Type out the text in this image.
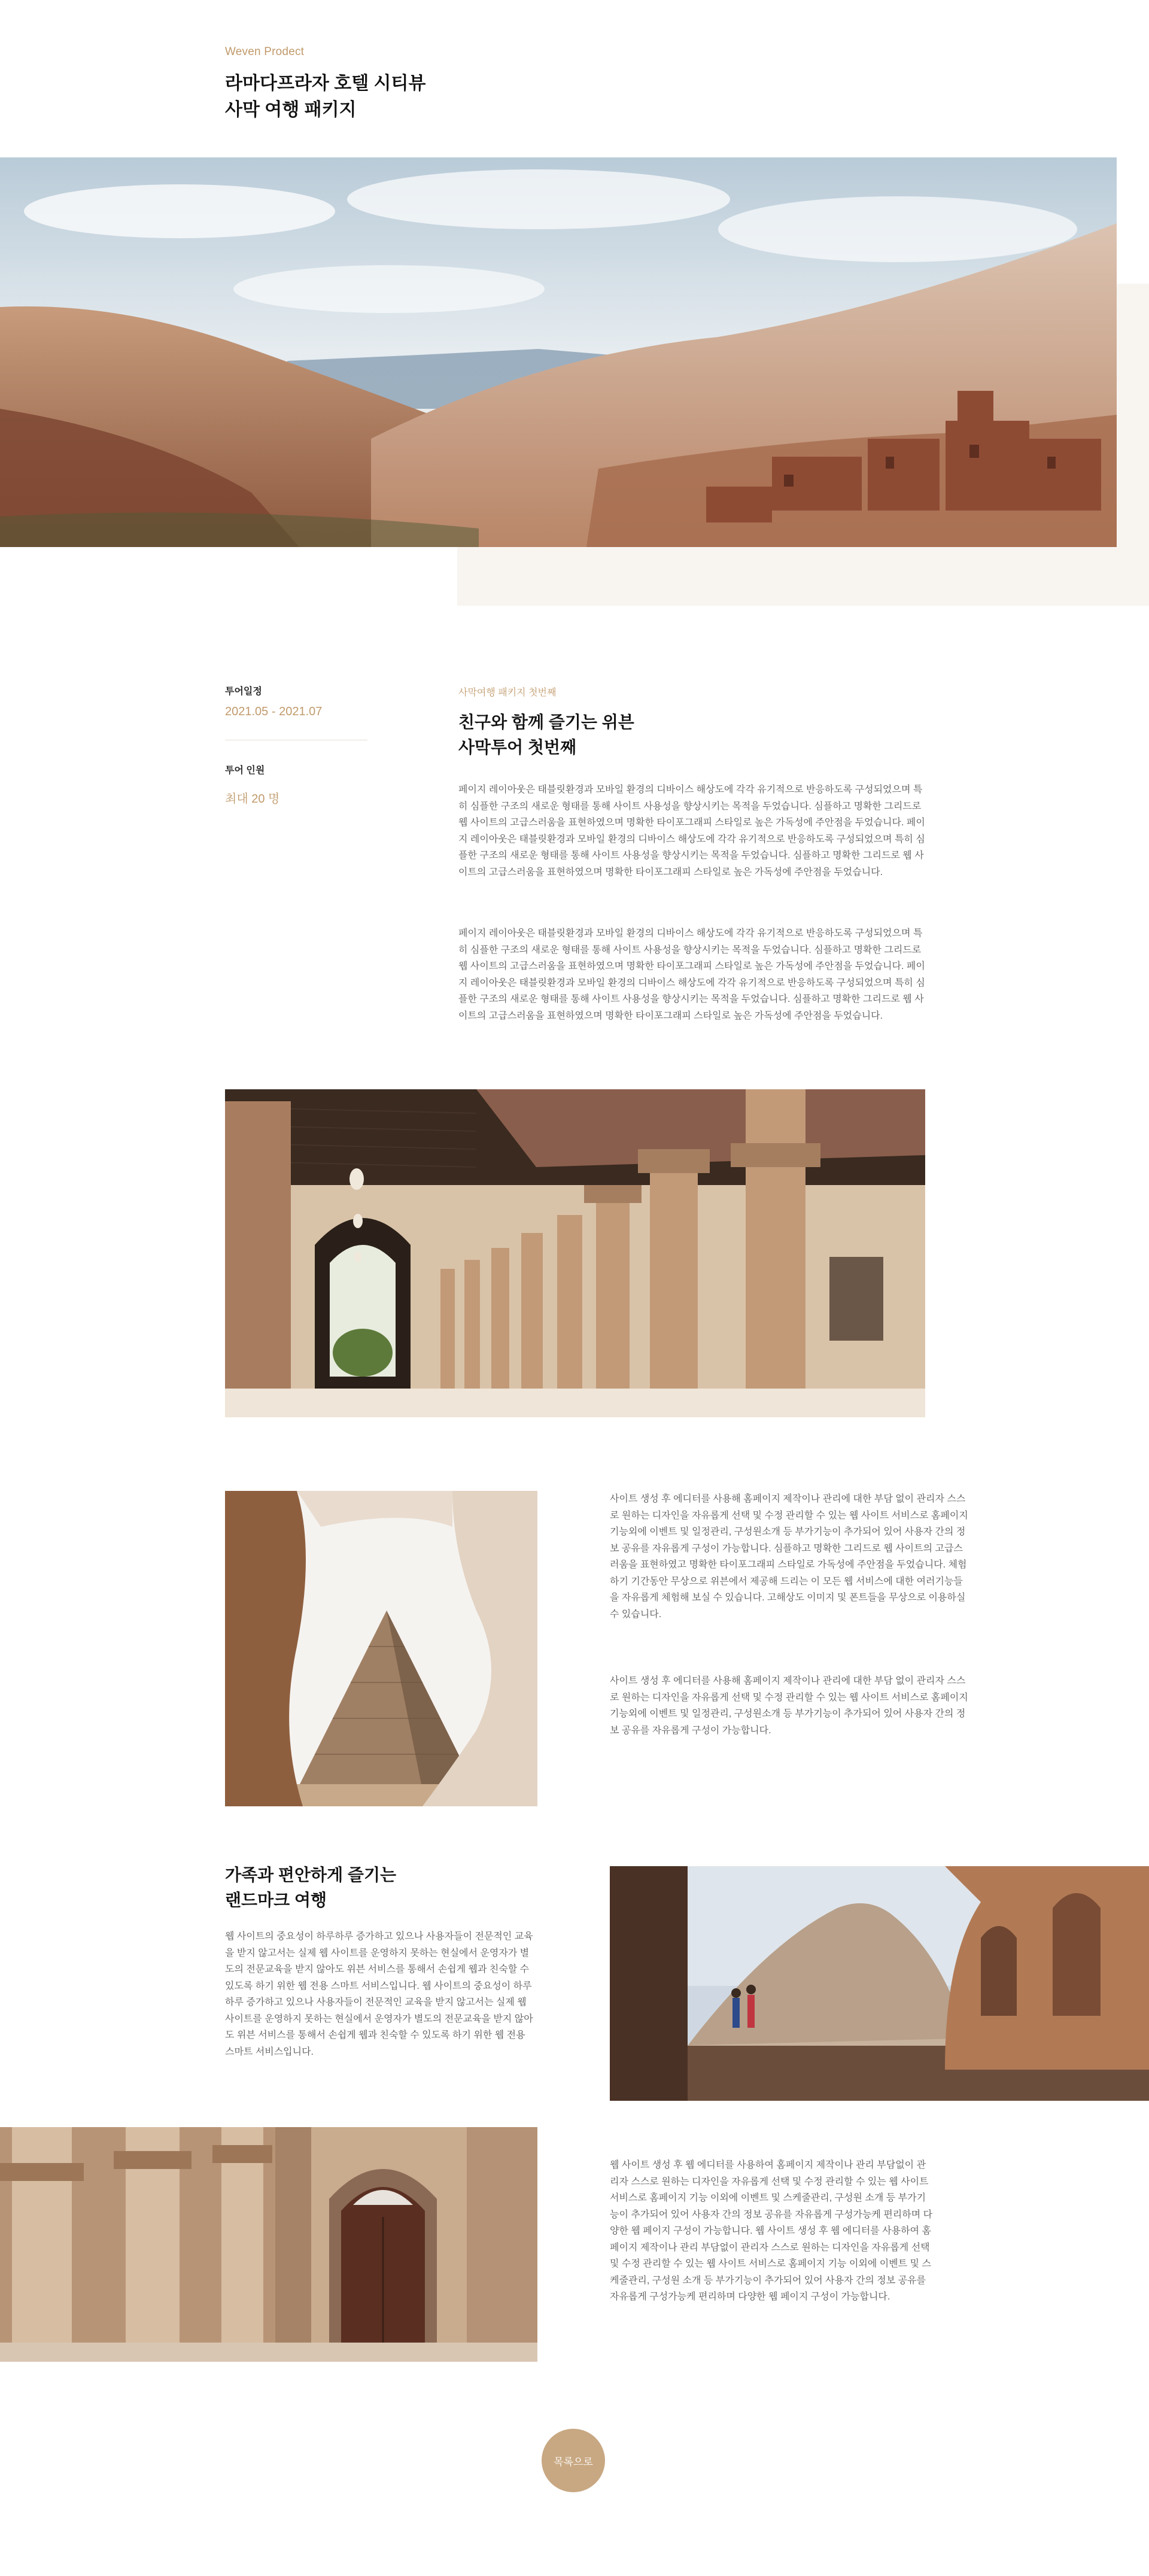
Weven Prodect
라마다프라자 호텔 시티뷰
사막 여행 패키지
투어일정
2021.05 - 2021.07
투어 인원
최대 20 명
사막여행 패키지 첫번째
친구와 함께 즐기는 위븐
사막투어 첫번째

페이지 레이아웃은 태블릿환경과 모바일 환경의 디바이스 해상도에 각각 유기적으로 반응하도록 구성되었으며 특히 심플한 구조의 새로운 형태를 통해 사이트 사용성을 향상시키는 목적을 두었습니다. 심플하고 명확한 그리드로 웹 사이트의 고급스러움을 표현하였으며 명확한 타이포그래피 스타일로 높은 가독성에 주안점을 두었습니다. 페이지 레이아웃은 태블릿환경과 모바일 환경의 디바이스 해상도에 각각 유기적으로 반응하도록 구성되었으며 특히 심플한 구조의 새로운 형태를 통해 사이트 사용성을 향상시키는 목적을 두었습니다. 심플하고 명확한 그리드로 웹 사이트의 고급스러움을 표현하였으며 명확한 타이포그래피 스타일로 높은 가독성에 주안점을 두었습니다.

페이지 레이아웃은 태블릿환경과 모바일 환경의 디바이스 해상도에 각각 유기적으로 반응하도록 구성되었으며 특히 심플한 구조의 새로운 형태를 통해 사이트 사용성을 향상시키는 목적을 두었습니다. 심플하고 명확한 그리드로 웹 사이트의 고급스러움을 표현하였으며 명확한 타이포그래피 스타일로 높은 가독성에 주안점을 두었습니다. 페이지 레이아웃은 태블릿환경과 모바일 환경의 디바이스 해상도에 각각 유기적으로 반응하도록 구성되었으며 특히 심플한 구조의 새로운 형태를 통해 사이트 사용성을 향상시키는 목적을 두었습니다. 심플하고 명확한 그리드로 웹 사이트의 고급스러움을 표현하였으며 명확한 타이포그래피 스타일로 높은 가독성에 주안점을 두었습니다.

사이트 생성 후 에디터를 사용해 홈페이지 제작이나 관리에 대한 부담 없이 관리자 스스로 원하는 디자인을 자유롭게 선택 및 수정 관리할 수 있는 웹 사이트 서비스로 홈페이지 기능외에 이벤트 및 일정관리, 구성원소개 등 부가기능이 추가되어 있어 사용자 간의 정보 공유를 자유롭게 구성이 가능합니다. 심플하고 명확한 그리드로 웹 사이트의 고급스러움을 표현하였고 명확한 타이포그래피 스타일로 가독성에 주안점을 두었습니다. 체험하기 기간동안 무상으로 위븐에서 제공해 드리는 이 모든 웹 서비스에 대한 여러기능들을 자유롭게 체험해 보실 수 있습니다. 고해상도 이미지 및 폰트들을 무상으로 이용하실 수 있습니다.

사이트 생성 후 에디터를 사용해 홈페이지 제작이나 관리에 대한 부담 없이 관리자 스스로 원하는 디자인을 자유롭게 선택 및 수정 관리할 수 있는 웹 사이트 서비스로 홈페이지 기능외에 이벤트 및 일정관리, 구성원소개 등 부가기능이 추가되어 있어 사용자 간의 정보 공유를 자유롭게 구성이 가능합니다.

가족과 편안하게 즐기는
랜드마크 여행

웹 사이트의 중요성이 하루하루 증가하고 있으나 사용자들이 전문적인 교육을 받지 않고서는 실제 웹 사이트를 운영하지 못하는 현실에서 운영자가 별도의 전문교육을 받지 않아도 위븐 서비스를 통해서 손쉽게 웹과 친숙할 수 있도록 하기 위한 웹 전용 스마트 서비스입니다. 웹 사이트의 중요성이 하루하루 증가하고 있으나 사용자들이 전문적인 교육을 받지 않고서는 실제 웹 사이트를 운영하지 못하는 현실에서 운영자가 별도의 전문교육을 받지 않아도 위븐 서비스를 통해서 손쉽게 웹과 친숙할 수 있도록 하기 위한 웹 전용 스마트 서비스입니다.

웹 사이트 생성 후 웹 에디터를 사용하여 홈페이지 제작이나 관리 부담없이 관리자 스스로 원하는 디자인을 자유롭게 선택 및 수정 관리할 수 있는 웹 사이트 서비스로 홈페이지 기능 이외에 이벤트 및 스케줄관리, 구성원 소개 등 부가기능이 추가되어 있어 사용자 간의 정보 공유를 자유롭게 구성가능케 편리하며 다양한 웹 페이지 구성이 가능합니다. 웹 사이트 생성 후 웹 에디터를 사용하여 홈페이지 제작이나 관리 부담없이 관리자 스스로 원하는 디자인을 자유롭게 선택 및 수정 관리할 수 있는 웹 사이트 서비스로 홈페이지 기능 이외에 이벤트 및 스케줄관리, 구성원 소개 등 부가기능이 추가되어 있어 사용자 간의 정보 공유를 자유롭게 구성가능케 편리하며 다양한 웹 페이지 구성이 가능합니다.

목록으로
